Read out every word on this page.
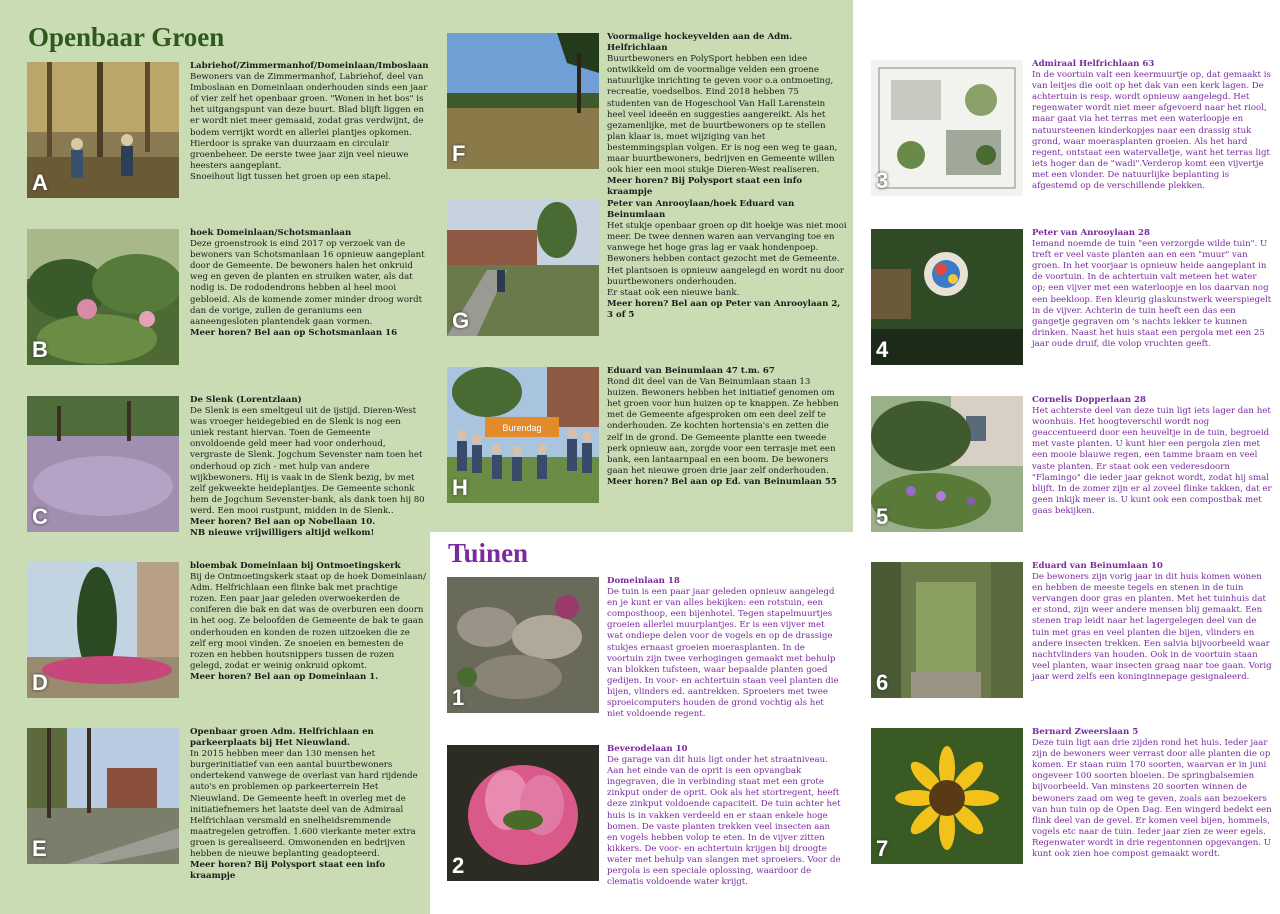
Openbaar Groen
Tuinen
A
Labriehof/Zimmermanhof/Domeinlaan/Imboslaan

Bewoners van de Zimmermanhof, Labriehof, deel van Imboslaan en Domeinlaan onderhouden sinds een jaar of vier zelf het openbaar groen. "Wonen in het bos" is het uitgangspunt van deze buurt. Blad blijft liggen en er wordt niet meer gemaaid, zodat gras verdwijnt, de bodem verrijkt wordt en allerlei plantjes opkomen. Hierdoor is sprake van duurzaam en circulair groenbeheer. De eerste twee jaar zijn veel nieuwe heesters aangeplant.

Snoeihout ligt tussen het groen op een stapel.

B
hoek Domeinlaan/Schotsmanlaan

Deze groenstrook is eind 2017 op verzoek van de bewoners van Schotsmanlaan 16 opnieuw aangeplant door de Gemeente. De bewoners halen het onkruid weg en geven de planten en struiken water, als dat nodig is. De rododendrons hebben al heel mooi gebloeid. Als de komende zomer minder droog wordt dan de vorige, zullen de geraniums een aaneengesloten plantendek gaan vormen.

Meer horen? Bel aan op Schotsmanlaan 16

C
De Slenk (Lorentzlaan)

De Slenk is een smeltgeul uit de ijstijd. Dieren-West was vroeger heidegebied en de Slenk is nog een uniek restant hiervan. Toen de Gemeente onvoldoende geld meer had voor onderhoud, vergraste de Slenk. Jogchum Sevenster nam toen het onderhoud op zich - met hulp van andere wijkbewoners. Hij is vaak in de Slenk bezig, bv met zelf gekweekte heideplantjes. De Gemeente schonk hem de Jogchum Sevenster-bank, als dank toen hij 80 werd. Een mooi rustpunt, midden in de Slenk..

Meer horen? Bel aan op Nobellaan 10.

NB nieuwe vrijwilligers altijd welkom!

D
bloembak Domeinlaan bij Ontmoetingskerk

Bij de Ontmoetingskerk staat op de hoek Domeinlaan/ Adm. Helfrichlaan een flinke bak met prachtige rozen. Een paar jaar geleden overwoekerden de coniferen die bak en dat was de overburen een doorn in het oog. Ze beloofden de Gemeente de bak te gaan onderhouden en konden de rozen uitzoeken die ze zelf erg mooi vinden. Ze snoeien en bemesten de rozen en hebben houtsnippers tussen de rozen gelegd, zodat er weinig onkruid opkomt.

Meer horen? Bel aan op Domeinlaan 1.

E
Openbaar groen Adm. Helfrichlaan en parkeerplaats bij Het Nieuwland.

In 2015 hebben meer dan 130 mensen het burgerinitiatief van een aantal buurtbewoners ondertekend vanwege de overlast van hard rijdende auto's en problemen op parkeerterrein Het Nieuwland. De Gemeente heeft in overleg met de initiatiefnemers het laatste deel van de Admiraal Helfrichlaan versmald en snelheidsremmende maatregelen getroffen. 1.600 vierkante meter extra groen is gerealiseerd. Omwonenden en bedrijven hebben de nieuwe beplanting geadopteerd.

Meer horen? Bij Polysport staat een info kraampje

F
Voormalige hockeyvelden aan de Adm. Helfrichlaan

Buurtbewoners en PolySport hebben een idee ontwikkeld om de voormalige velden een groene natuurlijke inrichting te geven voor o.a ontmoeting, recreatie, voedselbos. Eind 2018 hebben 75 studenten van de Hogeschool Van Hall Larenstein heel veel ideeën en suggesties aangereikt. Als het gezamenlijke, met de buurtbewoners op te stellen plan klaar is, moet wijziging van het bestemmingsplan volgen. Er is nog een weg te gaan, maar buurtbewoners, bedrijven en Gemeente willen ook hier een mooi stukje Dieren-West realiseren.

Meer horen? Bij Polysport staat een info kraampje

G
Peter van Anrooylaan/hoek Eduard van Beinumlaan

Het stukje openbaar groen op dit hoekje was niet mooi meer. De twee dennen waren aan vervanging toe en vanwege het hoge gras lag er vaak hondenpoep. Bewoners hebben contact gezocht met de Gemeente. Het plantsoen is opnieuw aangelegd en wordt nu door buurtbewoners onderhouden.

Er staat ook een nieuwe bank.

Meer horen? Bel aan op Peter van Anrooylaan 2, 3 of 5

Burendag
H
Eduard van Beinumlaan 47 t.m. 67

Rond dit deel van de Van Beinumlaan staan 13 huizen. Bewoners hebben het initiatief genomen om het groen voor hun huizen op te knappen. Ze hebben met de Gemeente afgesproken om een deel zelf te onderhouden. Ze kochten hortensia's en zetten die zelf in de grond. De Gemeente plantte een tweede perk opnieuw aan, zorgde voor een terrasje met een bank, een lantaarnpaal en een boom. De bewoners gaan het nieuwe groen drie jaar zelf onderhouden.

Meer horen? Bel aan op Ed. van Beinumlaan 55

1
Domeinlaan 18

De tuin is een paar jaar geleden opnieuw aangelegd en je kunt er van alles bekijken: een rotstuin, een composthoop, een bijenhotel. Tegen stapelmuurtjes groeien allerlei muurplantjes. Er is een vijver met wat ondiepe delen voor de vogels en op de drassige stukjes ernaast groeien moerasplanten. In de voortuin zijn twee verhogingen gemaakt met behulp van blokken tufsteen, waar bepaalde planten goed gedijen. In voor- en achtertuin staan veel planten die bijen, vlinders ed. aantrekken. Sproeiers met twee sproeicomputers houden de grond vochtig als het niet voldoende regent.

2
Beverodelaan 10

De garage van dit huis ligt onder het straatniveau. Aan het einde van de oprit is een opvangbak ingegraven, die in verbinding staat met een grote zinkput onder de oprit. Ook als het stortregent, heeft deze zinkput voldoende capaciteit. De tuin achter het huis is in vakken verdeeld en er staan enkele hoge bomen. De vaste planten trekken veel insecten aan en vogels hebben volop te eten. In de vijver zitten kikkers. De voor- en achtertuin krijgen bij droogte water met behulp van slangen met sproeiers. Voor de pergola is een speciale oplossing, waardoor de clematis voldoende water krijgt.

3
Admiraal Helfrichlaan 63

In de voortuin valt een keermuurtje op, dat gemaakt is van leitjes die ooit op het dak van een kerk lagen. De achtertuin is resp. wordt opnieuw aangelegd. Het regenwater wordt niet meer afgevoerd naar het riool, maar gaat via het terras met een waterloopje en natuursteenen kinderkopjes naar een drassig stuk grond, waar moerasplanten groeien. Als het hard regent, ontstaat een watervalletje, want het terras ligt iets hoger dan de "wadi".Verderop komt een vijvertje met een vlonder. De natuurlijke beplanting is afgestemd op de verschillende plekken.

4
Peter van Anrooylaan 28

Iemand noemde de tuin "een verzorgde wilde tuin". U treft er veel vaste planten aan en een "muur" van groen. In het voorjaar is opnieuw heide aangeplant in de voortuin. In de achtertuin valt meteen het water op; een vijver met een waterloopje en los daarvan nog een beekloop. Een kleurig glaskunstwerk weerspiegelt in de vijver. Achterin de tuin heeft een das een gangetje gegraven om 's nachts lekker te kunnen drinken. Naast het huis staat een pergola met een 25 jaar oude druif, die volop vruchten geeft.

5
Cornelis Dopperlaan 28

Het achterste deel van deze tuin ligt iets lager dan het woonhuis. Het hoogteverschil wordt nog geaccentueerd door een heuveltje in de tuin, begroeid met vaste planten. U kunt hier een pergola zien met een mooie blauwe regen, een tamme braam en veel vaste planten. Er staat ook een vederesdoorn "Flamingo" die ieder jaar geknot wordt, zodat hij smal blijft. In de zomer zijn er al zoveel flinke takken, dat er geen inkijk meer is. U kunt ook een compostbak met gaas bekijken.

6
Eduard van Beinumlaan 10

De bewoners zijn vorig jaar in dit huis komen wonen en hebben de meeste tegels en stenen in de tuin vervangen door gras en planten. Met het tuinhuis dat er stond, zijn weer andere mensen blij gemaakt. Een stenen trap leidt naar het lagergelegen deel van de tuin met gras en veel planten die bijen, vlinders en andere insecten trekken. Een salvia bijvoorbeeld waar nachtvlinders van houden. Ook in de voortuin staan veel planten, waar insecten graag naar toe gaan. Vorig jaar werd zelfs een koninginnepage gesignaleerd.

7
Bernard Zweerslaan 5

Deze tuin ligt aan drie zijden rond het huis. Ieder jaar zijn de bewoners weer verrast door alle planten die op komen. Er staan ruim 170 soorten, waarvan er in juni ongeveer 100 soorten bloeien. De springbalsemien bijvoorbeeld. Van minstens 20 soorten winnen de bewoners zaad om weg te geven, zoals aan bezoekers van hun tuin op de Open Dag. Een wingerd bedekt een flink deel van de gevel. Er komen veel bijen, hommels, vogels etc naar de tuin. Ieder jaar zien ze weer egels. Regenwater wordt in drie regentonnen opgevangen. U kunt ook zien hoe compost gemaakt wordt.
